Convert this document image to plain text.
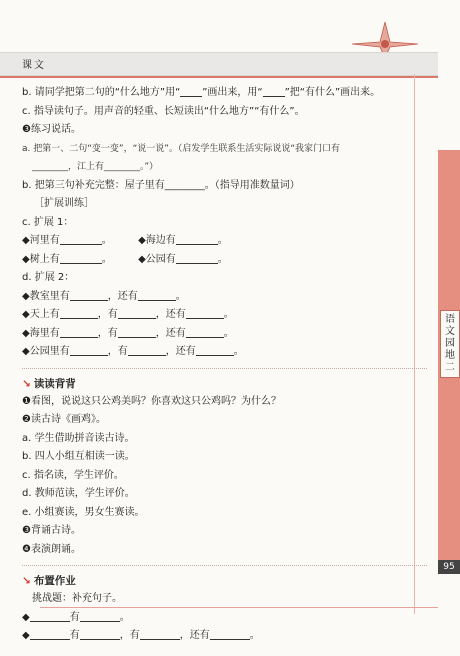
课文
b. 请同学把第二句的“什么地方”用“ ”画出来，用“ ”把“有什么”画出来。
c. 指导读句子。用声音的轻重、长短读出“什么地方”“有什么”。
❸练习说话。
a. 把第一、二句“变一变”，“说一说”。（启发学生联系生活实际说说“我家门口有
________，江上有________。”）
b. 把第三句补充完整：屋子里有________。（指导用准数量词）
［扩展训练］
c. 扩展 1：
◆河里有	。	◆海边有	。
◆树上有	。	◆公园有	。
d. 扩展 2：
◆教室里有	，还有	。
◆天上有	，有	，还有	。
◆海里有	，有	，还有	。
◆公园里有	，有	，还有	。
↘ 读读背背
❶看图，说说这只公鸡美吗？你喜欢这只公鸡吗？为什么？
❷读古诗《画鸡》。
a. 学生借助拼音读古诗。
b. 四人小组互相读一读。
c. 指名读，学生评价。
d. 教师范读，学生评价。
e. 小组赛读，男女生赛读。
❸背诵古诗。
❹表演朗诵。
↘ 布置作业
挑战题：补充句子。
◆	有	。
◆	有	，有	，还有	。
语文园地二
95
